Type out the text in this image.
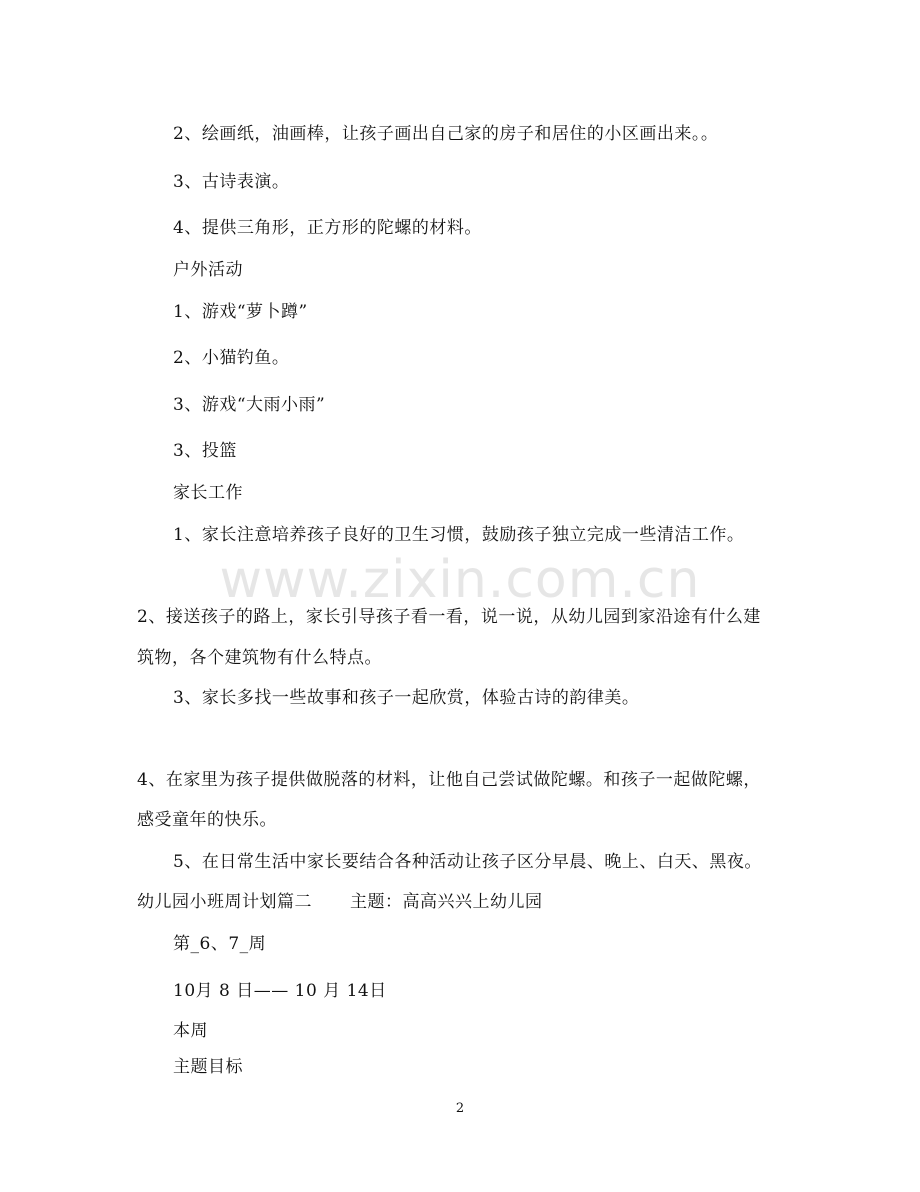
www.zixin.com.cn
2、绘画纸，油画棒，让孩子画出自己家的房子和居住的小区画出来。。
3、古诗表演。
4、提供三角形，正方形的陀螺的材料。
户外活动
1、游戏“萝卜蹲”
2、小猫钓鱼。
3、游戏“大雨小雨”
3、投篮
家长工作
1、家长注意培养孩子良好的卫生习惯，鼓励孩子独立完成一些清洁工作。
2、接送孩子的路上，家长引导孩子看一看，说一说，从幼儿园到家沿途有什么建
筑物，各个建筑物有什么特点。
3、家长多找一些故事和孩子一起欣赏，体验古诗的韵律美。
4、在家里为孩子提供做脱落的材料，让他自己尝试做陀螺。和孩子一起做陀螺，
感受童年的快乐。
5、在日常生活中家长要结合各种活动让孩子区分早晨、晚上、白天、黑夜。
幼儿园小班周计划篇二 主题：高高兴兴上幼儿园
第_6、7_周
10月 8 日—— 10 月 14日
本周
主题目标
2
